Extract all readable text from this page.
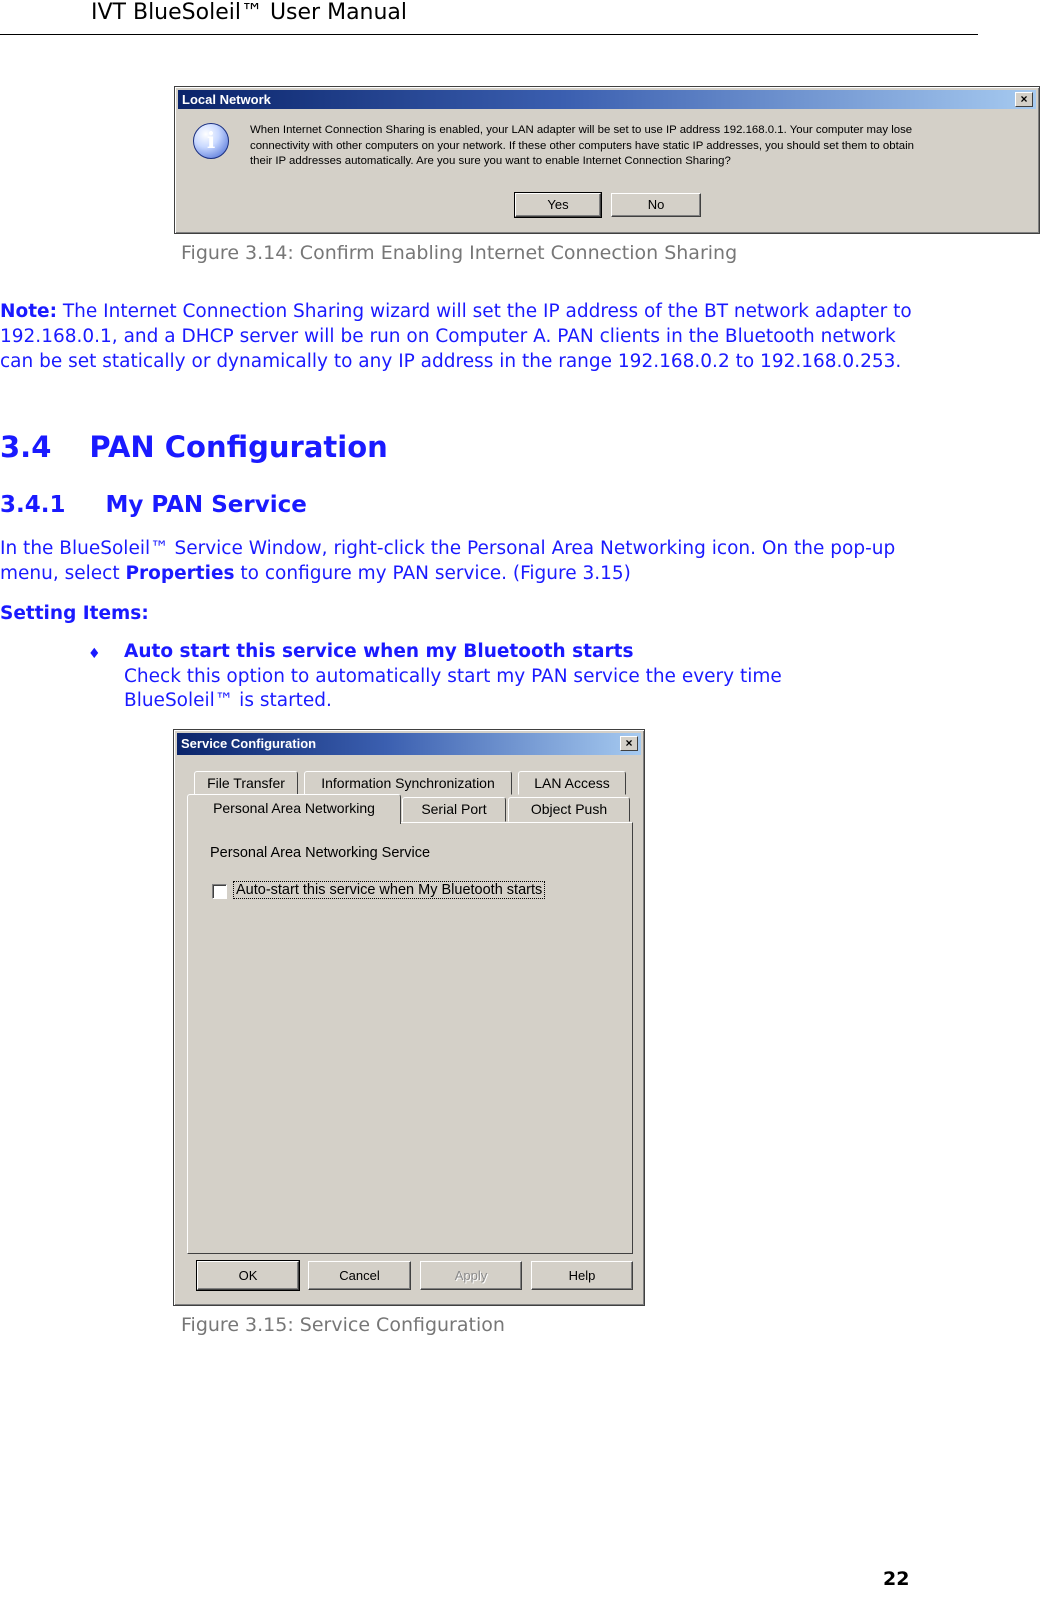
IVT BlueSoleil™ User Manual
Local Network	×
i	When Internet Connection Sharing is enabled, your LAN adapter will be set to use IP address 192.168.0.1. Your computer may lose
connectivity with other computers on your network. If these other computers have static IP addresses, you should set them to obtain
their IP addresses automatically. Are you sure you want to enable Internet Connection Sharing?
Yes	No
Figure 3.14: Confirm Enabling Internet Connection Sharing
Note: The Internet Connection Sharing wizard will set the IP address of the BT network adapter to 192.168.0.1, and a DHCP server will be run on Computer A. PAN clients in the Bluetooth network can be set statically or dynamically to any IP address in the range 192.168.0.2 to 192.168.0.253.
3.4 PAN Configuration
3.4.1 My PAN Service
In the BlueSoleil™ Service Window, right-click the Personal Area Networking icon. On the pop-up menu, select Properties to configure my PAN service. (Figure 3.15)
Setting Items:
♦ Auto start this service when my Bluetooth starts
Check this option to automatically start my PAN service the every time
BlueSoleil™ is started.
Service Configuration	×
File Transfer	Information Synchronization	LAN Access
Personal Area Networking	Serial Port	Object Push
Personal Area Networking Service
Auto-start this service when My Bluetooth starts
OK	Cancel	Apply	Help
Figure 3.15: Service Configuration
22
